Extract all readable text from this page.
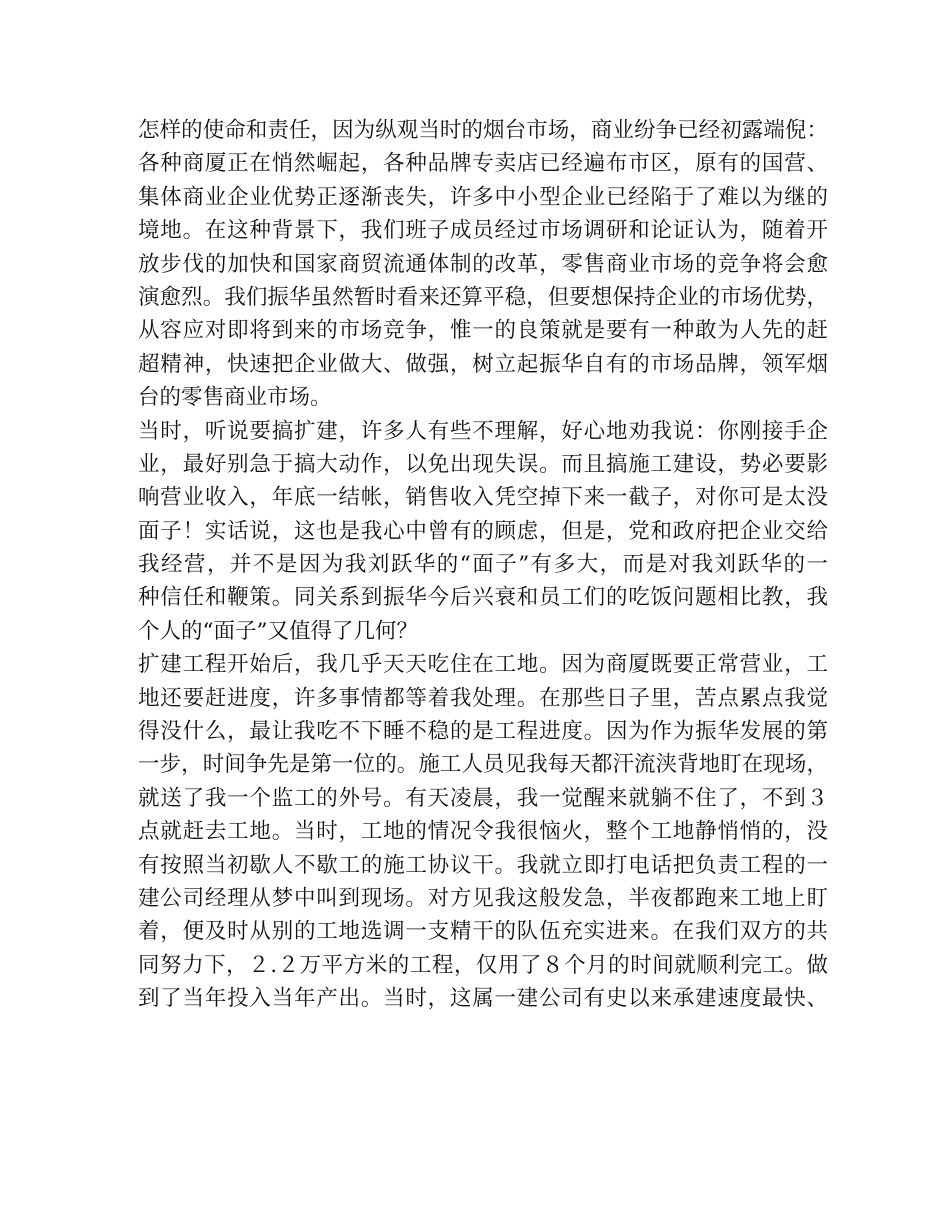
怎样的使命和责任，因为纵观当时的烟台市场，商业纷争已经初露端倪：
各种商厦正在悄然崛起，各种品牌专卖店已经遍布市区，原有的国营、
集体商业企业优势正逐渐丧失，许多中小型企业已经陷于了难以为继的
境地。在这种背景下，我们班子成员经过市场调研和论证认为，随着开
放步伐的加快和国家商贸流通体制的改革，零售商业市场的竞争将会愈
演愈烈。我们振华虽然暂时看来还算平稳，但要想保持企业的市场优势，
从容应对即将到来的市场竞争，惟一的良策就是要有一种敢为人先的赶
超精神，快速把企业做大、做强，树立起振华自有的市场品牌，领军烟
台的零售商业市场。
当时，听说要搞扩建，许多人有些不理解，好心地劝我说：你刚接手企
业，最好别急于搞大动作，以免出现失误。而且搞施工建设，势必要影
响营业收入，年底一结帐，销售收入凭空掉下来一截子，对你可是太没
面子！实话说，这也是我心中曾有的顾虑，但是，党和政府把企业交给
我经营，并不是因为我刘跃华的“面子”有多大，而是对我刘跃华的一
种信任和鞭策。同关系到振华今后兴衰和员工们的吃饭问题相比教，我
个人的“面子”又值得了几何？
扩建工程开始后，我几乎天天吃住在工地。因为商厦既要正常营业，工
地还要赶进度，许多事情都等着我处理。在那些日子里，苦点累点我觉
得没什么，最让我吃不下睡不稳的是工程进度。因为作为振华发展的第
一步，时间争先是第一位的。施工人员见我每天都汗流浃背地盯在现场，
就送了我一个监工的外号。有天凌晨，我一觉醒来就躺不住了，不到３
点就赶去工地。当时，工地的情况令我很恼火，整个工地静悄悄的，没
有按照当初歇人不歇工的施工协议干。我就立即打电话把负责工程的一
建公司经理从梦中叫到现场。对方见我这般发急，半夜都跑来工地上盯
着，便及时从别的工地选调一支精干的队伍充实进来。在我们双方的共
同努力下，２.２万平方米的工程，仅用了８个月的时间就顺利完工。做
到了当年投入当年产出。当时，这属一建公司有史以来承建速度最快、
